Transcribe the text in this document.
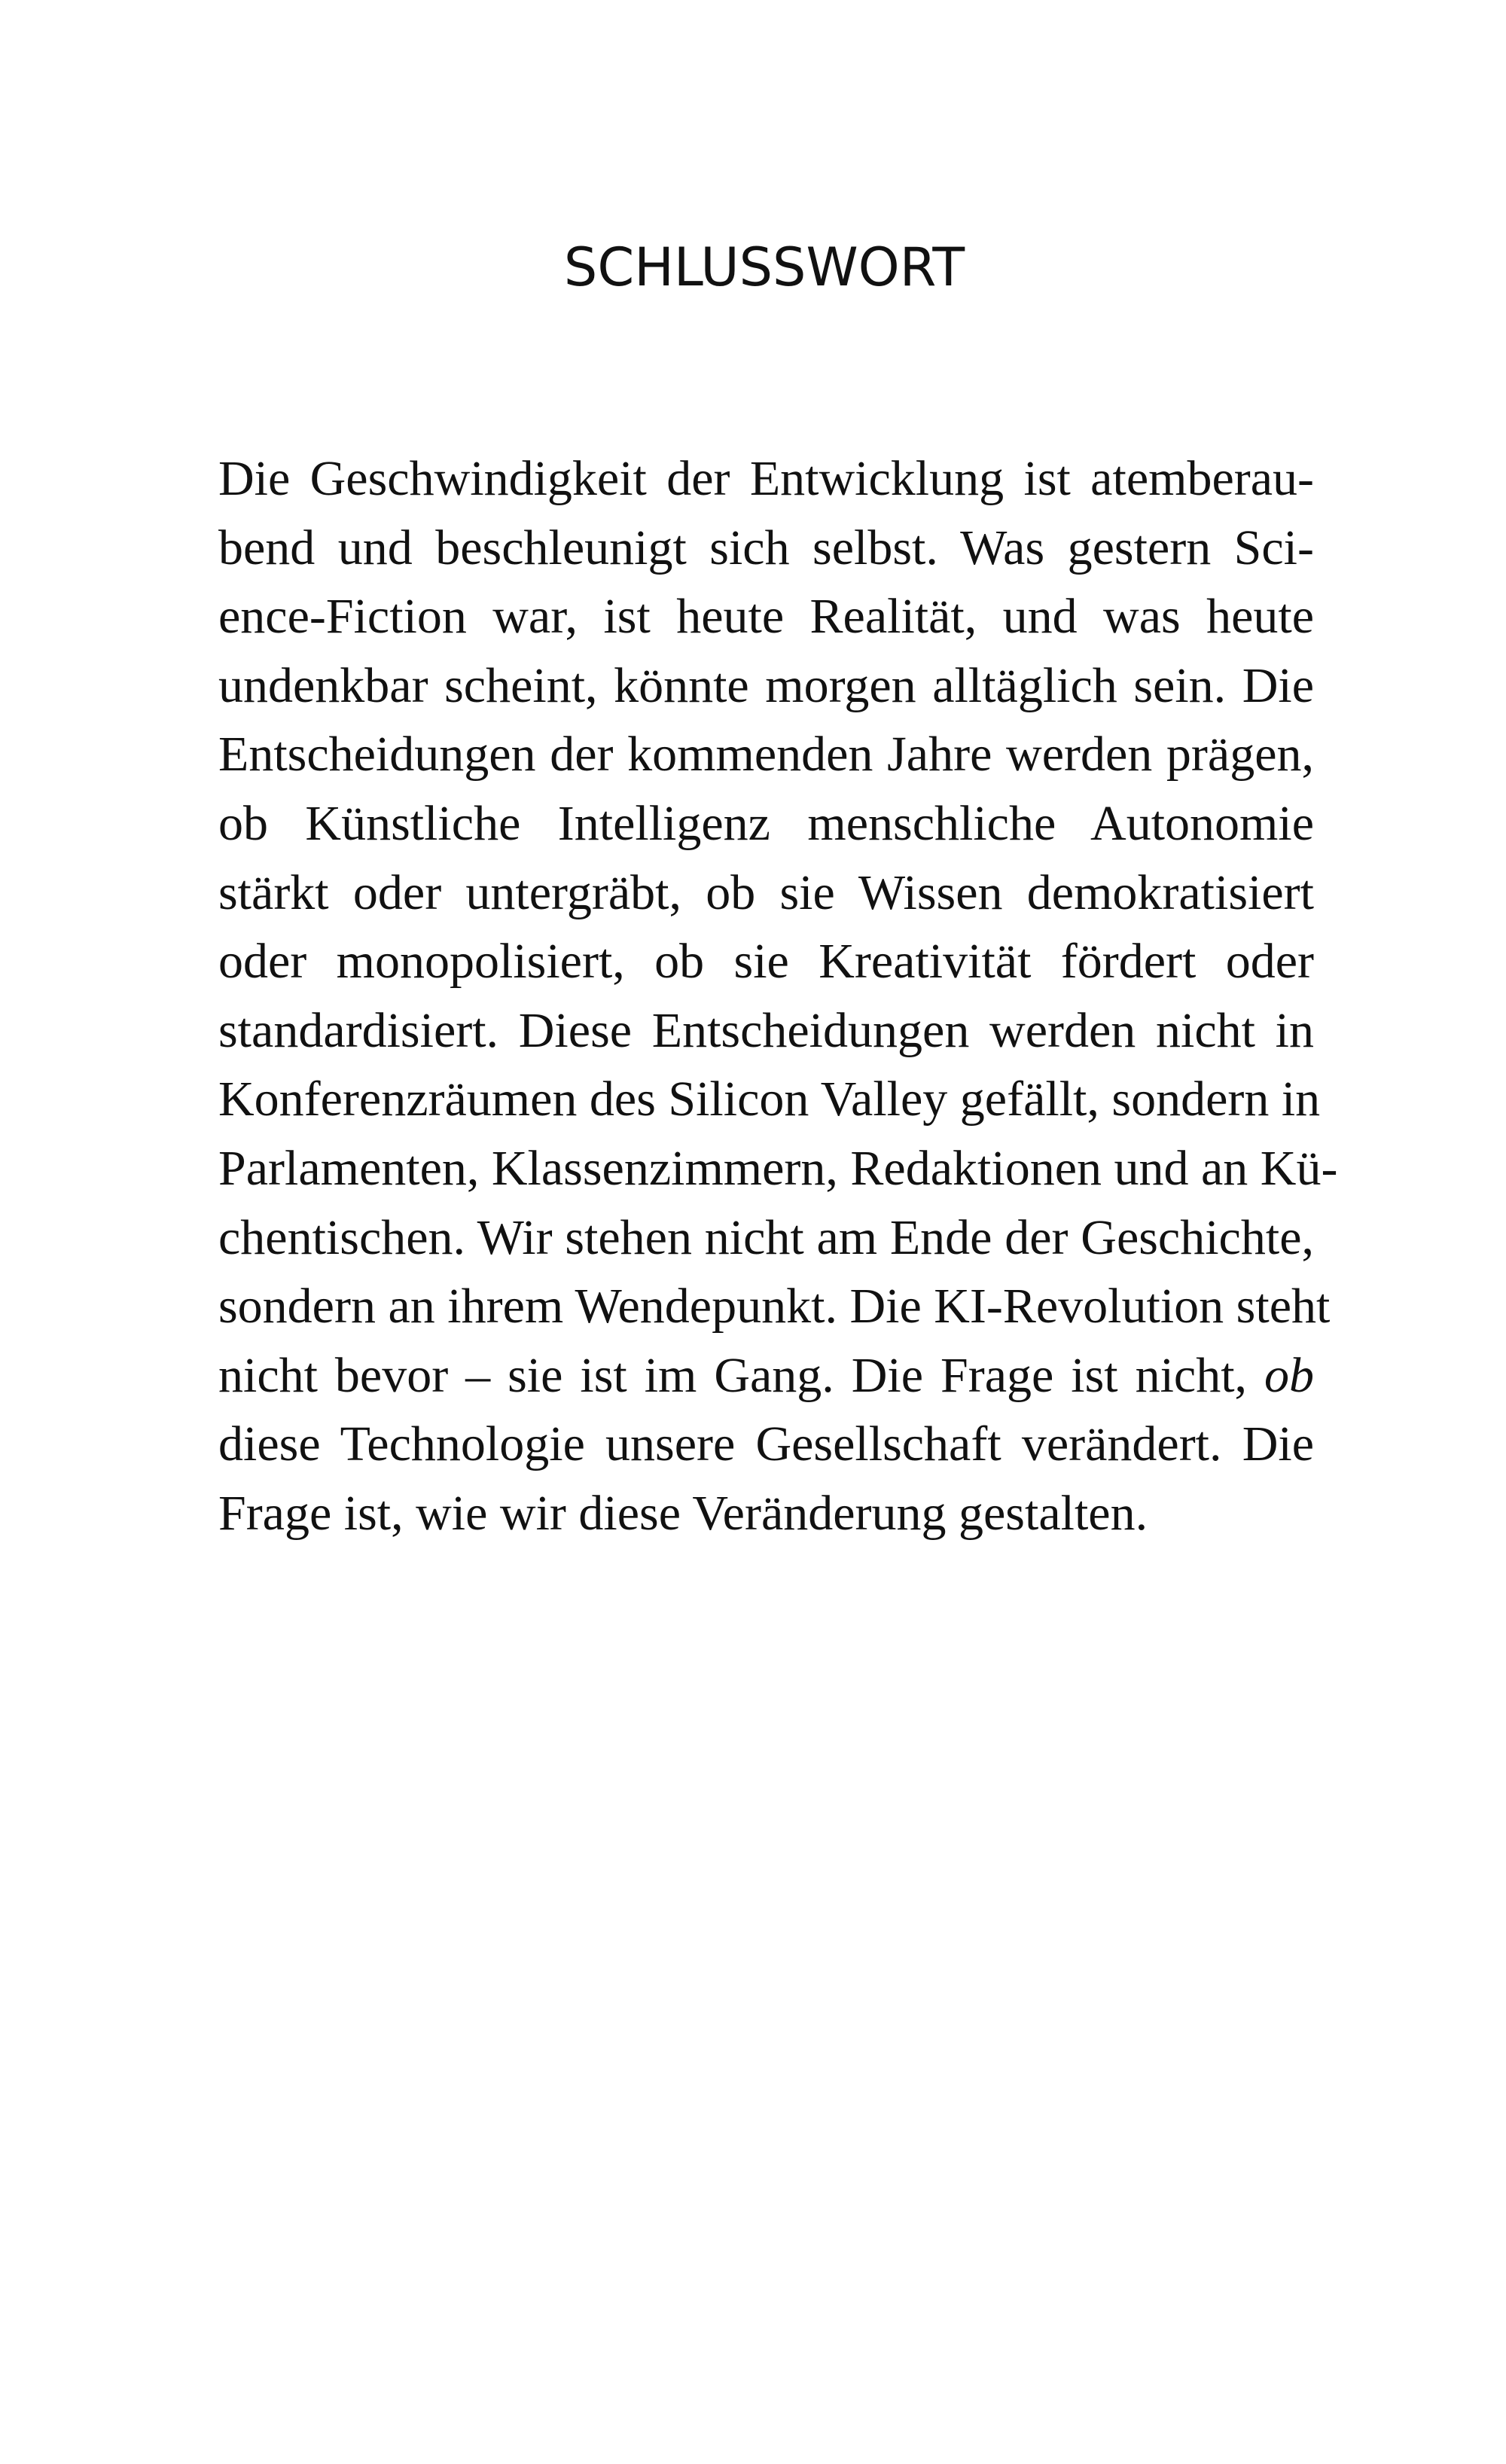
SCHLUSSWORT
Die Geschwindigkeit der Entwicklung ist atemberau-
bend und beschleunigt sich selbst. Was gestern Sci-
ence-Fiction war, ist heute Realität, und was heute
undenkbar scheint, könnte morgen alltäglich sein. Die
Entscheidungen der kommenden Jahre werden prägen,
ob Künstliche Intelligenz menschliche Autonomie
stärkt oder untergräbt, ob sie Wissen demokratisiert
oder monopolisiert, ob sie Kreativität fördert oder
standardisiert. Diese Entscheidungen werden nicht in
Konferenzräumen des Silicon Valley gefällt, sondern in
Parlamenten, Klassenzimmern, Redaktionen und an Kü-
chentischen. Wir stehen nicht am Ende der Geschichte,
sondern an ihrem Wendepunkt. Die KI-Revolution steht
nicht bevor – sie ist im Gang. Die Frage ist nicht, ob
diese Technologie unsere Gesellschaft verändert. Die
Frage ist, wie wir diese Veränderung gestalten.
